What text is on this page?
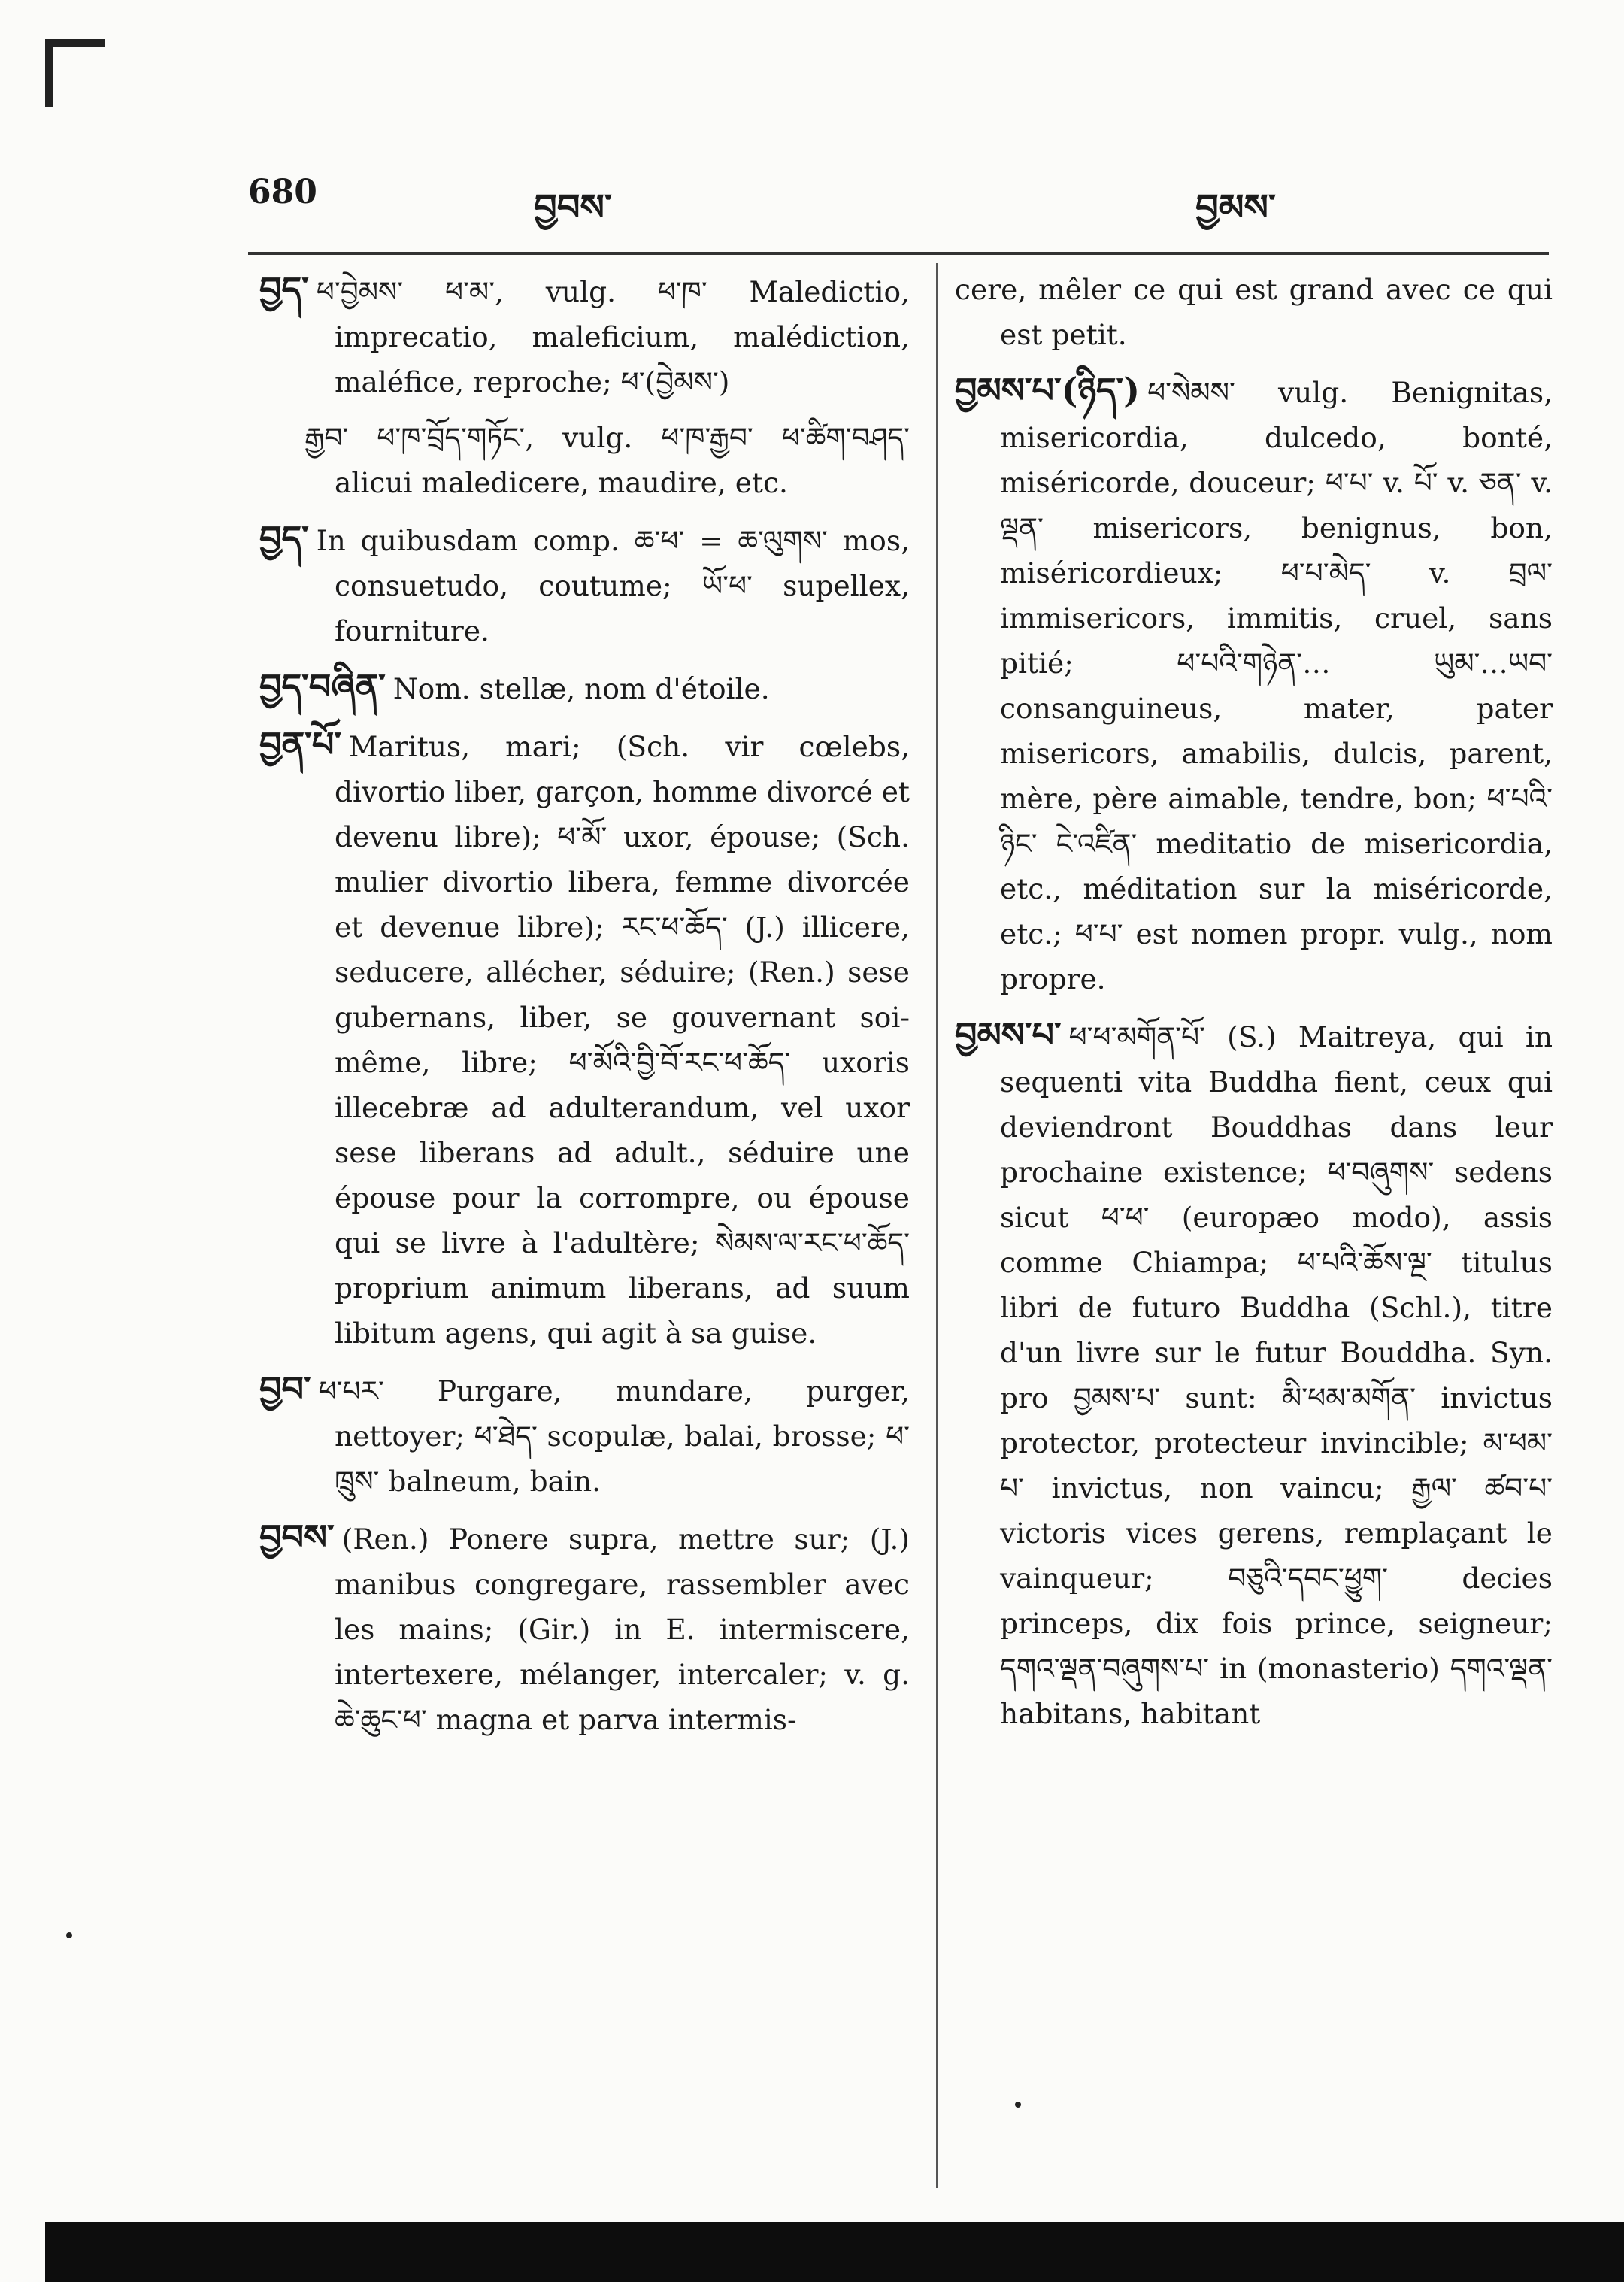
680	བྱབས་	བྱམས་

བྱད་ ཕ་བྱེམས་ ཕ་མ་, vulg. ཕ་ཁ་ Maledictio, imprecatio, maleficium, malédiction, maléfice, reproche; ཕ་(བྱེམས་)

རྒྱབ་ ཕ་ཁ་བྲོད་གཏོང་, vulg. ཕ་ཁ་རྒྱབ་ ཕ་ཚིག་བཤད་ alicui maledicere, maudire, etc.

བྱད་ In quibusdam comp. ཆ་ཕ་ = ཆ་ལུགས་ mos, consuetudo, coutume; ཡོ་ཕ་ supellex, fourniture.

བྱད་བཞིན་ Nom. stellæ, nom d'étoile.

བྱན་པོ་ Maritus, mari; (Sch. vir cœlebs, divortio liber, garçon, homme divorcé et devenu libre); ཕ་མོ་ uxor, épouse; (Sch. mulier divortio libera, femme divorcée et devenue libre); རང་ཕ་ཆོད་ (J.) illicere, seducere, allécher, séduire; (Ren.) sese gubernans, liber, se gouvernant soi-même, libre; ཕ་མོའི་བྱི་བོ་རང་ཕ་ཆོད་ uxoris illecebræ ad adulterandum, vel uxor sese liberans ad adult., séduire une épouse pour la corrompre, ou épouse qui se livre à l'adultère; སེམས་ལ་རང་ཕ་ཆོད་ proprium animum liberans, ad suum libitum agens, qui agit à sa guise.

བྱབ་ ཕ་པར་ Purgare, mundare, purger, nettoyer; ཕ་ཐེད་ scopulæ, balai, brosse; ཕ་ཁྲུས་ balneum, bain.

བྱབས་ (Ren.) Ponere supra, mettre sur; (J.) manibus congregare, rassembler avec les mains; (Gir.) in E. intermiscere, intertexere, mélanger, intercaler; v. g. ཆེ་ཆུང་ཕ་ magna et parva intermis-

cere, mêler ce qui est grand avec ce qui est petit.

བྱམས་པ་(ཉིད་) ཕ་སེམས་ vulg. Benignitas, misericordia, dulcedo, bonté, miséricorde, douceur; ཕ་པ་ v. པོ་ v. ཅན་ v. ལྡན་ misericors, benignus, bon, miséricordieux; ཕ་པ་མེད་ v. བྲལ་ immisericors, immitis, cruel, sans pitié; ཕ་པའི་གཉེན་… ཡུམ་…ཡབ་ consanguineus, mater, pater misericors, amabilis, dulcis, parent, mère, père aimable, tendre, bon; ཕ་པའི་ ཉིང་ ངེ་འཛིན་ meditatio de misericordia, etc., méditation sur la miséricorde, etc.; ཕ་པ་ est nomen propr. vulg., nom propre.

བྱམས་པ་ ཕ་ཕ་མགོན་པོ་ (S.) Maitreya, qui in sequenti vita Buddha fient, ceux qui deviendront Bouddhas dans leur prochaine existence; ཕ་བཞུགས་ sedens sicut ཕ་ཕ་ (europæo modo), assis comme Chiampa; ཕ་པའི་ཆོས་ལྔ་ titulus libri de futuro Buddha (Schl.), titre d'un livre sur le futur Bouddha. Syn. pro བྱམས་པ་ sunt: མི་ཕམ་མགོན་ invictus protector, protecteur invincible; མ་ཕམ་པ་ invictus, non vaincu; རྒྱལ་ ཚབ་པ་ victoris vices gerens, remplaçant le vainqueur; བཅུའི་དབང་ཕྱུག་ decies princeps, dix fois prince, seigneur; དགའ་ལྡན་བཞུགས་པ་ in (monasterio) དགའ་ལྡན་ habitans, habitant
